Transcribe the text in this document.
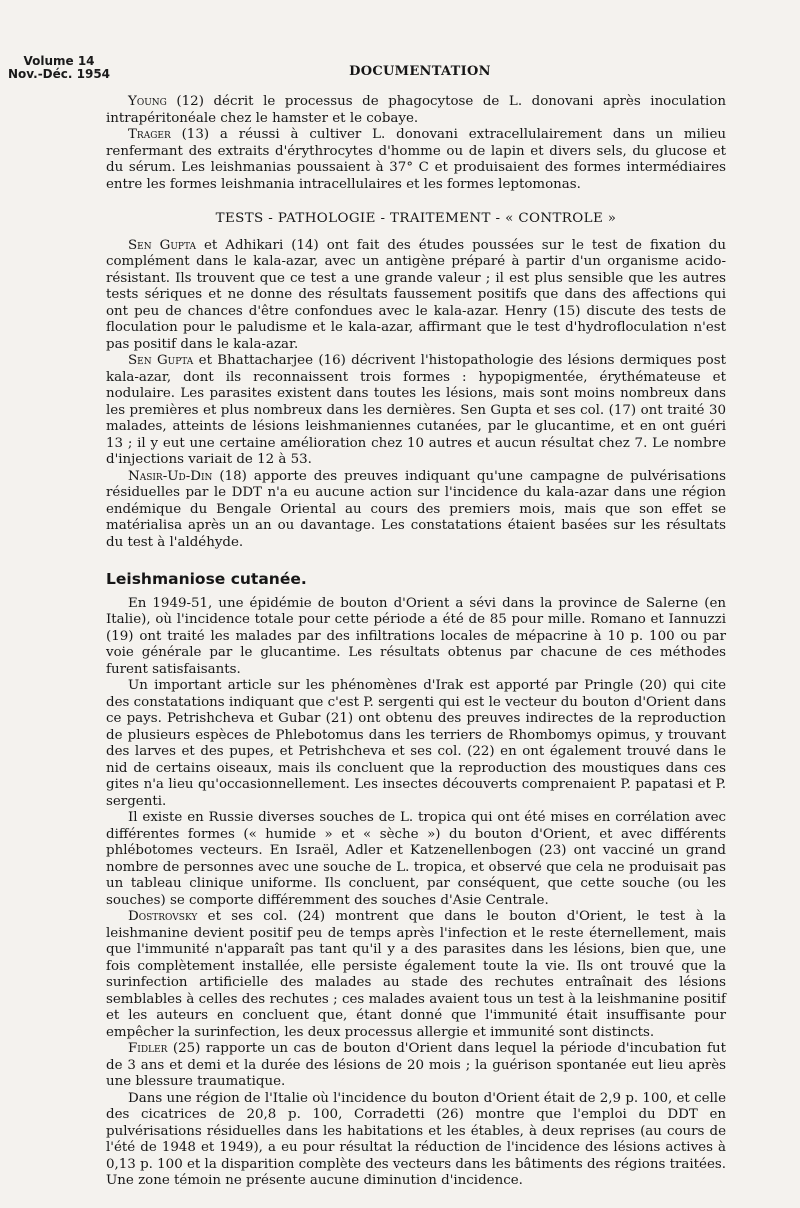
Volume 14
Nov.-Déc. 1954	DOCUMENTATION

Young (12) décrit le processus de phagocytose de L. donovani après inoculation intrapéritonéale chez le hamster et le cobaye.

Trager (13) a réussi à cultiver L. donovani extracellulairement dans un milieu renfermant des extraits d'érythrocytes d'homme ou de lapin et divers sels, du glucose et du sérum. Les leishmanias poussaient à 37° C et produisaient des formes intermédiaires entre les formes leishmania intracellulaires et les formes leptomonas.

TESTS - PATHOLOGIE - TRAITEMENT - « CONTROLE »

Sen Gupta et Adhikari (14) ont fait des études poussées sur le test de fixation du complément dans le kala-azar, avec un antigène préparé à partir d'un organisme acido-résistant. Ils trouvent que ce test a une grande valeur ; il est plus sensible que les autres tests sériques et ne donne des résultats faussement positifs que dans des affections qui ont peu de chances d'être confondues avec le kala-azar. Henry (15) discute des tests de floculation pour le paludisme et le kala-azar, affirmant que le test d'hydrofloculation n'est pas positif dans le kala-azar.

Sen Gupta et Bhattacharjee (16) décrivent l'histopathologie des lésions dermiques post kala-azar, dont ils reconnaissent trois formes : hypopigmentée, érythémateuse et nodulaire. Les parasites existent dans toutes les lésions, mais sont moins nombreux dans les premières et plus nombreux dans les dernières. Sen Gupta et ses col. (17) ont traité 30 malades, atteints de lésions leishmaniennes cutanées, par le glucantime, et en ont guéri 13 ; il y eut une certaine amélioration chez 10 autres et aucun résultat chez 7. Le nombre d'injections variait de 12 à 53.

Nasir-Ud-Din (18) apporte des preuves indiquant qu'une campagne de pulvérisations résiduelles par le DDT n'a eu aucune action sur l'incidence du kala-azar dans une région endémique du Bengale Oriental au cours des premiers mois, mais que son effet se matérialisa après un an ou davantage. Les constatations étaient basées sur les résultats du test à l'aldéhyde.

Leishmaniose cutanée.

En 1949-51, une épidémie de bouton d'Orient a sévi dans la province de Salerne (en Italie), où l'incidence totale pour cette période a été de 85 pour mille. Romano et Iannuzzi (19) ont traité les malades par des infiltrations locales de mépacrine à 10 p. 100 ou par voie générale par le glucantime. Les résultats obtenus par chacune de ces méthodes furent satisfaisants.

Un important article sur les phénomènes d'Irak est apporté par Pringle (20) qui cite des constatations indiquant que c'est P. sergenti qui est le vecteur du bouton d'Orient dans ce pays. Petrishcheva et Gubar (21) ont obtenu des preuves indirectes de la reproduction de plusieurs espèces de Phlebotomus dans les terriers de Rhombomys opimus, y trouvant des larves et des pupes, et Petrishcheva et ses col. (22) en ont également trouvé dans le nid de certains oiseaux, mais ils concluent que la reproduction des moustiques dans ces gites n'a lieu qu'occasionnellement. Les insectes découverts comprenaient P. papatasi et P. sergenti.

Il existe en Russie diverses souches de L. tropica qui ont été mises en corrélation avec différentes formes (« humide » et « sèche ») du bouton d'Orient, et avec différents phlébotomes vecteurs. En Israël, Adler et Katzenellenbogen (23) ont vacciné un grand nombre de personnes avec une souche de L. tropica, et observé que cela ne produisait pas un tableau clinique uniforme. Ils concluent, par conséquent, que cette souche (ou les souches) se comporte différemment des souches d'Asie Centrale.

Dostrovsky et ses col. (24) montrent que dans le bouton d'Orient, le test à la leishmanine devient positif peu de temps après l'infection et le reste éternellement, mais que l'immunité n'apparaît pas tant qu'il y a des parasites dans les lésions, bien que, une fois complètement installée, elle persiste également toute la vie. Ils ont trouvé que la surinfection artificielle des malades au stade des rechutes entraînait des lésions semblables à celles des rechutes ; ces malades avaient tous un test à la leishmanine positif et les auteurs en concluent que, étant donné que l'immunité était insuffisante pour empêcher la surinfection, les deux processus allergie et immunité sont distincts.

Fidler (25) rapporte un cas de bouton d'Orient dans lequel la période d'incubation fut de 3 ans et demi et la durée des lésions de 20 mois ; la guérison spontanée eut lieu après une blessure traumatique.

Dans une région de l'Italie où l'incidence du bouton d'Orient était de 2,9 p. 100, et celle des cicatrices de 20,8 p. 100, Corradetti (26) montre que l'emploi du DDT en pulvérisations résiduelles dans les habitations et les étables, à deux reprises (au cours de l'été de 1948 et 1949), a eu pour résultat la réduction de l'incidence des lésions actives à 0,13 p. 100 et la disparition complète des vecteurs dans les bâtiments des régions traitées. Une zone témoin ne présente aucune diminution d'incidence.
